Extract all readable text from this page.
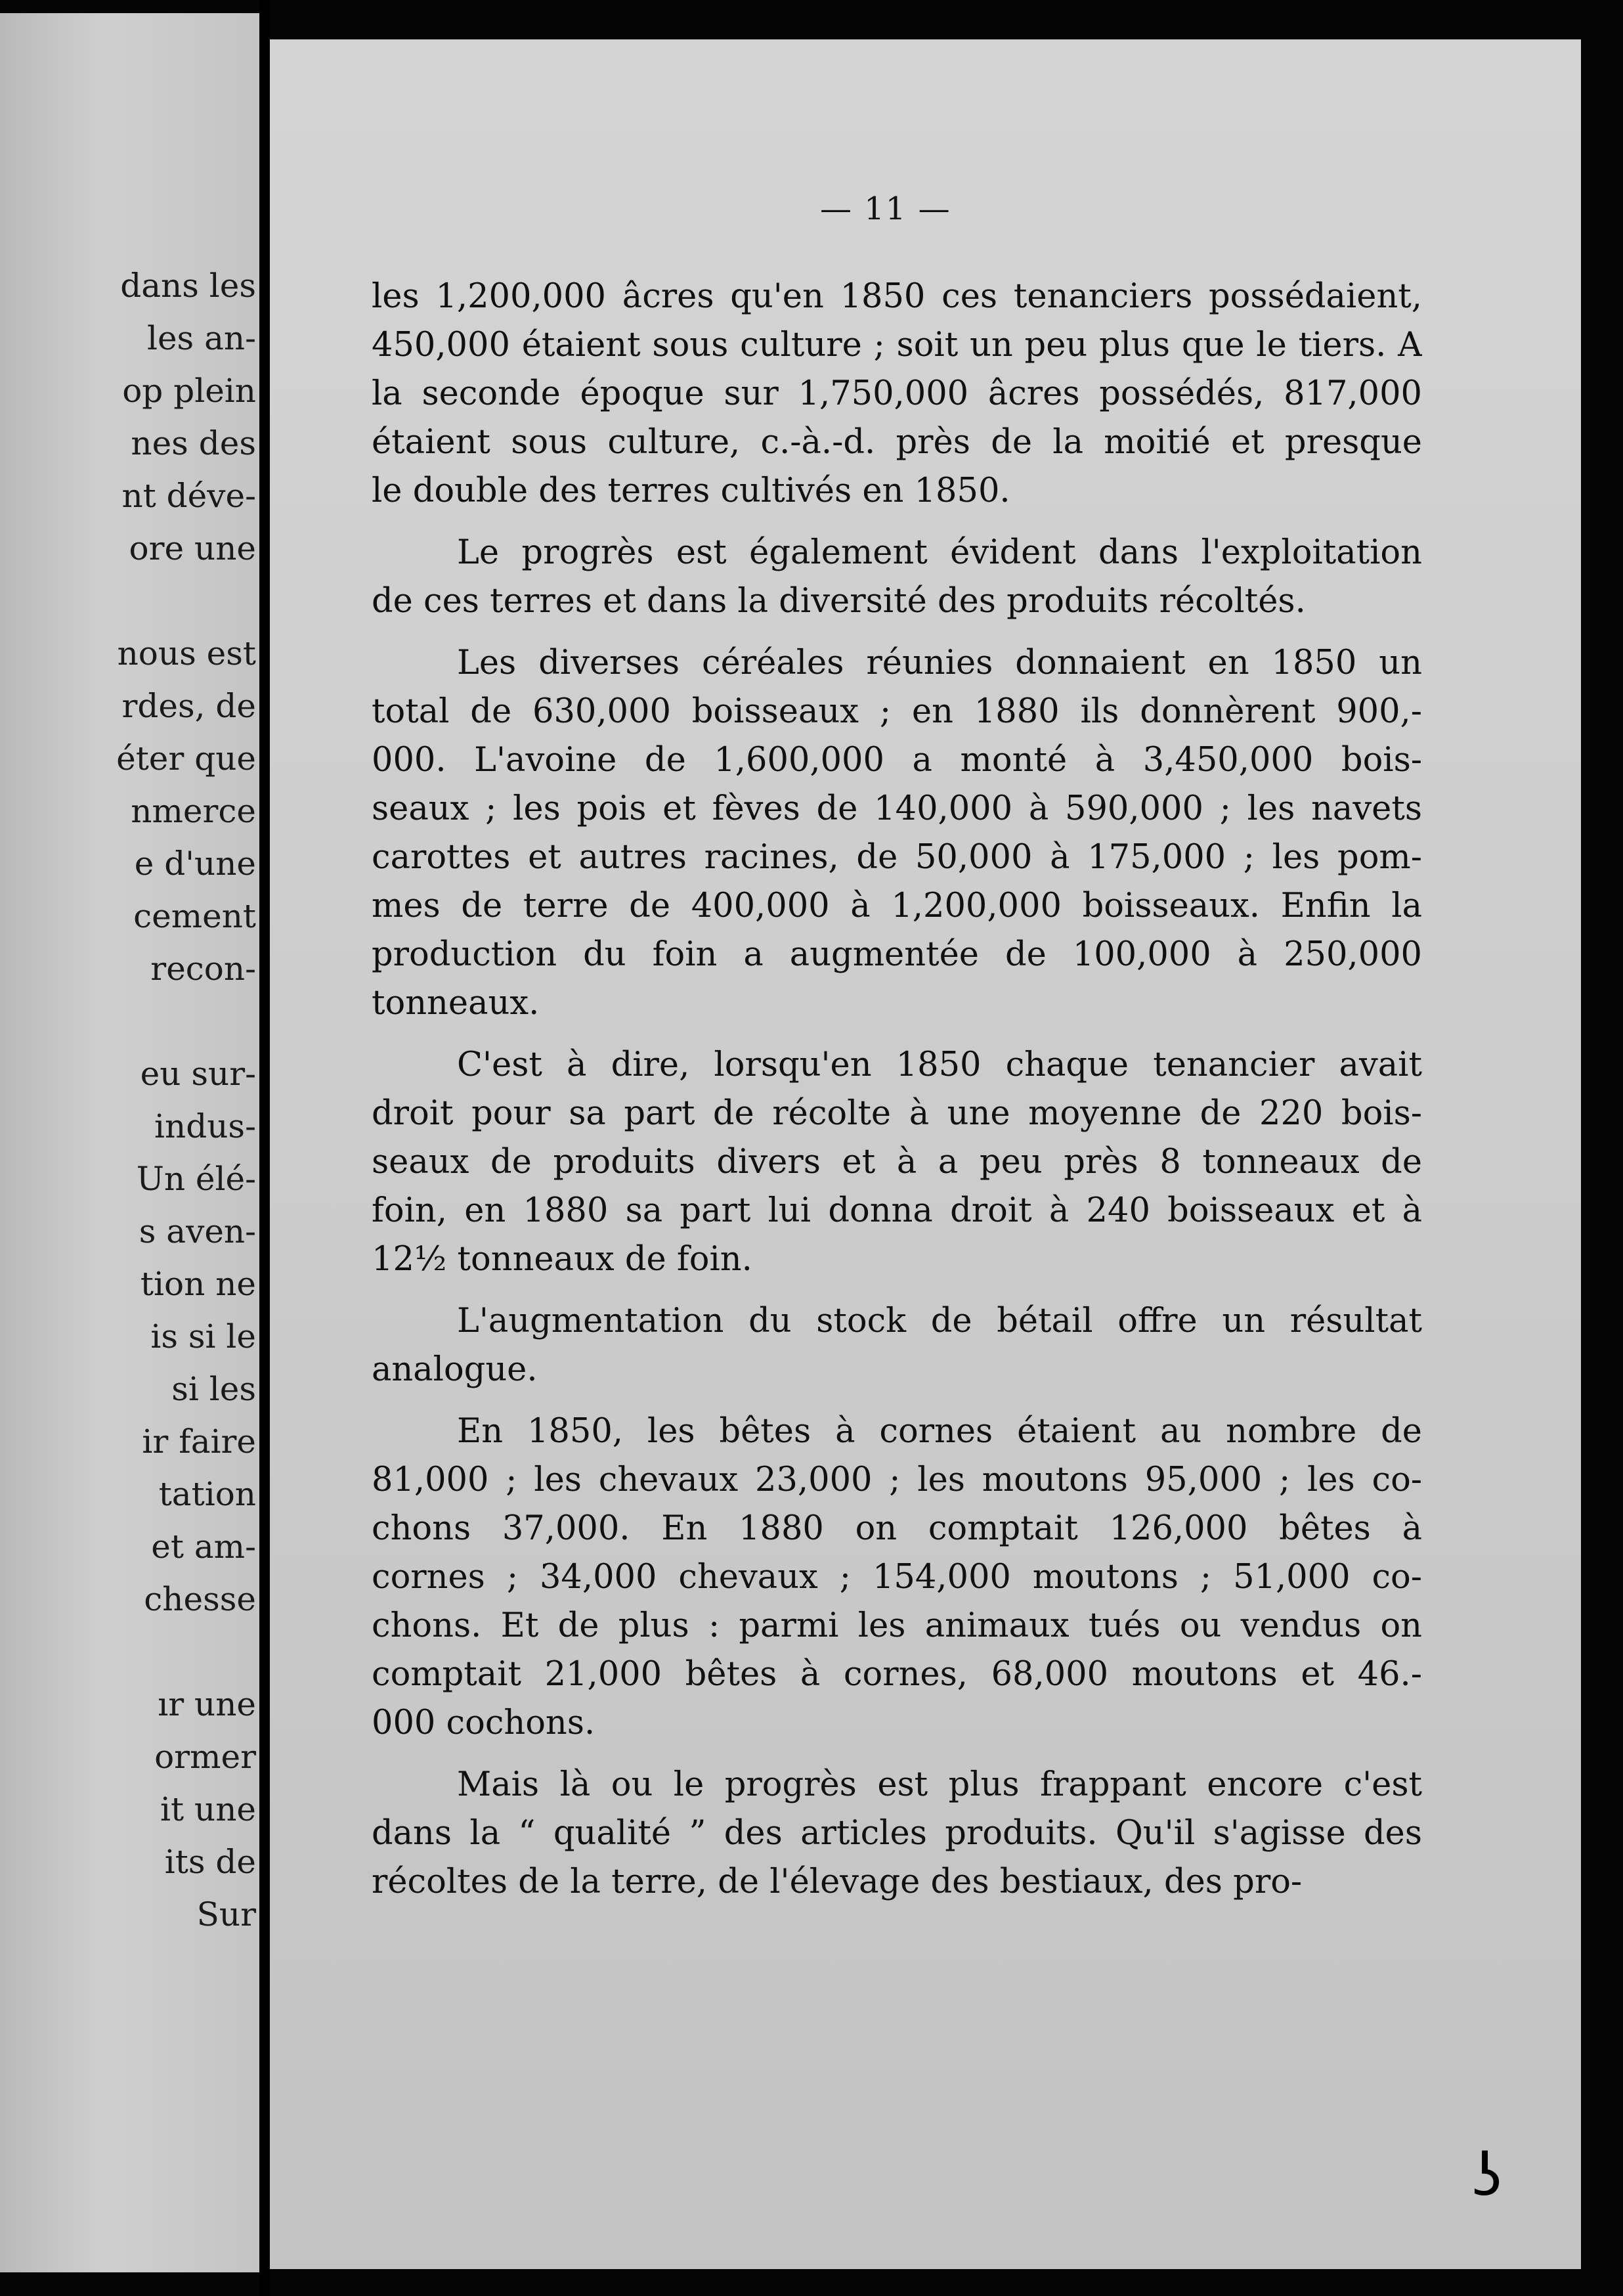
dans les
les an-
op plein
nes des
nt déve-
ore une
nous est
rdes, de
éter que
nmerce
e d'une
cement
recon-
eu sur-
indus-
Un élé-
s aven-
tion ne
is si le
si les
ir faire
tation
et am-
chesse
ır une
ormer
it une
its de
Sur
— 11 —
les 1,200,000 âcres qu'en 1850 ces tenanciers possédaient,
450,000 étaient sous culture ; soit un peu plus que le tiers. A
la seconde époque sur 1,750,000 âcres possédés, 817,000
étaient sous culture, c.-à.-d. près de la moitié et presque
le double des terres cultivés en 1850.
Le progrès est également évident dans l'exploitation
de ces terres et dans la diversité des produits récoltés.
Les diverses céréales réunies donnaient en 1850 un
total de 630,000 boisseaux ; en 1880 ils donnèrent 900,-
000. L'avoine de 1,600,000 a monté à 3,450,000 bois-
seaux ; les pois et fèves de 140,000 à 590,000 ; les navets
carottes et autres racines, de 50,000 à 175,000 ; les pom-
mes de terre de 400,000 à 1,200,000 boisseaux. Enfin la
production du foin a augmentée de 100,000 à 250,000
tonneaux.
C'est à dire, lorsqu'en 1850 chaque tenancier avait
droit pour sa part de récolte à une moyenne de 220 bois-
seaux de produits divers et à a peu près 8 tonneaux de
foin, en 1880 sa part lui donna droit à 240 boisseaux et à
12½ tonneaux de foin.
L'augmentation du stock de bétail offre un résultat
analogue.
En 1850, les bêtes à cornes étaient au nombre de
81,000 ; les chevaux 23,000 ; les moutons 95,000 ; les co-
chons 37,000. En 1880 on comptait 126,000 bêtes à
cornes ; 34,000 chevaux ; 154,000 moutons ; 51,000 co-
chons. Et de plus : parmi les animaux tués ou vendus on
comptait 21,000 bêtes à cornes, 68,000 moutons et 46.-
000 cochons.
Mais là ou le progrès est plus frappant encore c'est
dans la “ qualité ” des articles produits. Qu'il s'agisse des
récoltes de la terre, de l'élevage des bestiaux, des pro-
ʖ
